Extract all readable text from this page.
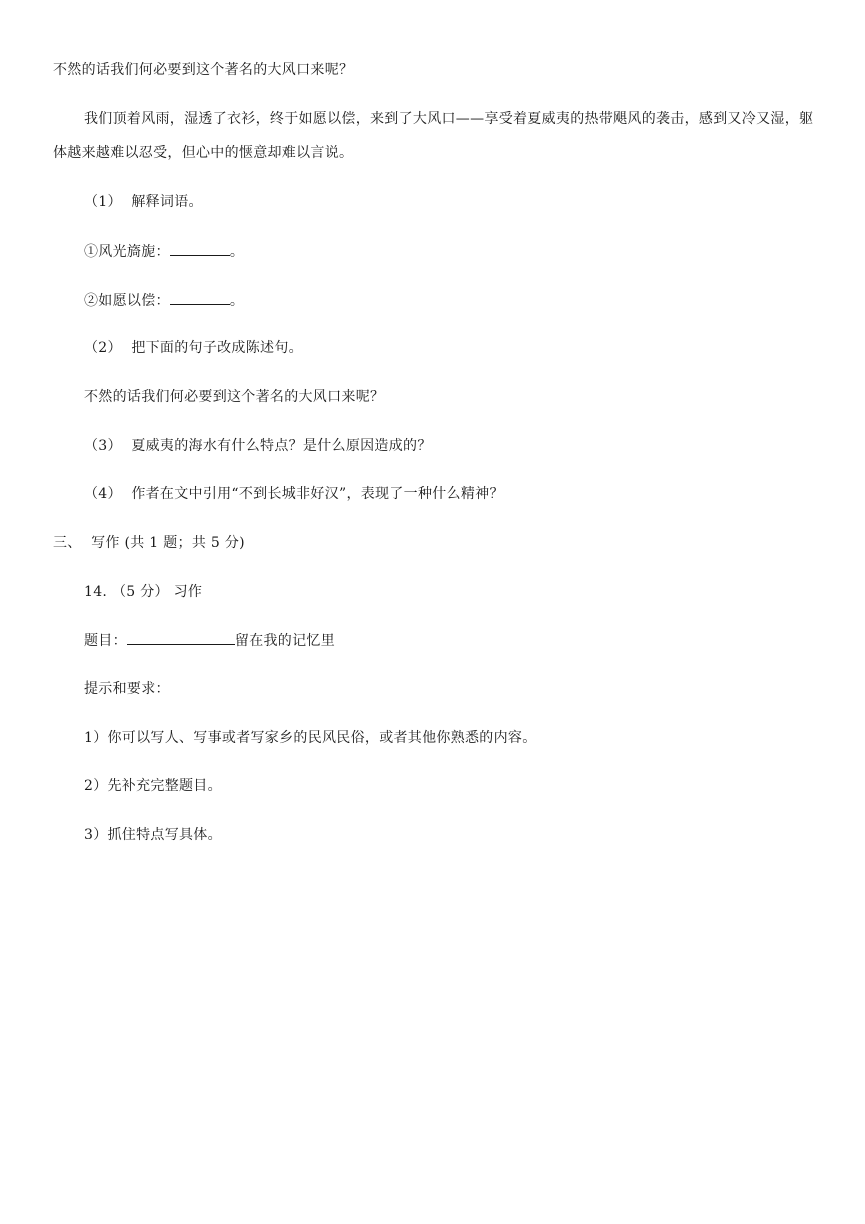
不然的话我们何必要到这个著名的大风口来呢？
我们顶着风雨，湿透了衣衫，终于如愿以偿，来到了大风口——享受着夏威夷的热带飓风的袭击，感到又冷又湿，躯体越来越难以忍受，但心中的惬意却难以言说。
（1） 解释词语。
①风光旖旎：	。
②如愿以偿：	。
（2） 把下面的句子改成陈述句。
不然的话我们何必要到这个著名的大风口来呢？
（3） 夏威夷的海水有什么特点？是什么原因造成的？
（4） 作者在文中引用“不到长城非好汉”，表现了一种什么精神？
三、 写作 (共 1 题；共 5 分)
14. （5 分） 习作
题目：	留在我的记忆里
提示和要求：
1）你可以写人、写事或者写家乡的民风民俗，或者其他你熟悉的内容。
2）先补充完整题目。
3）抓住特点写具体。
